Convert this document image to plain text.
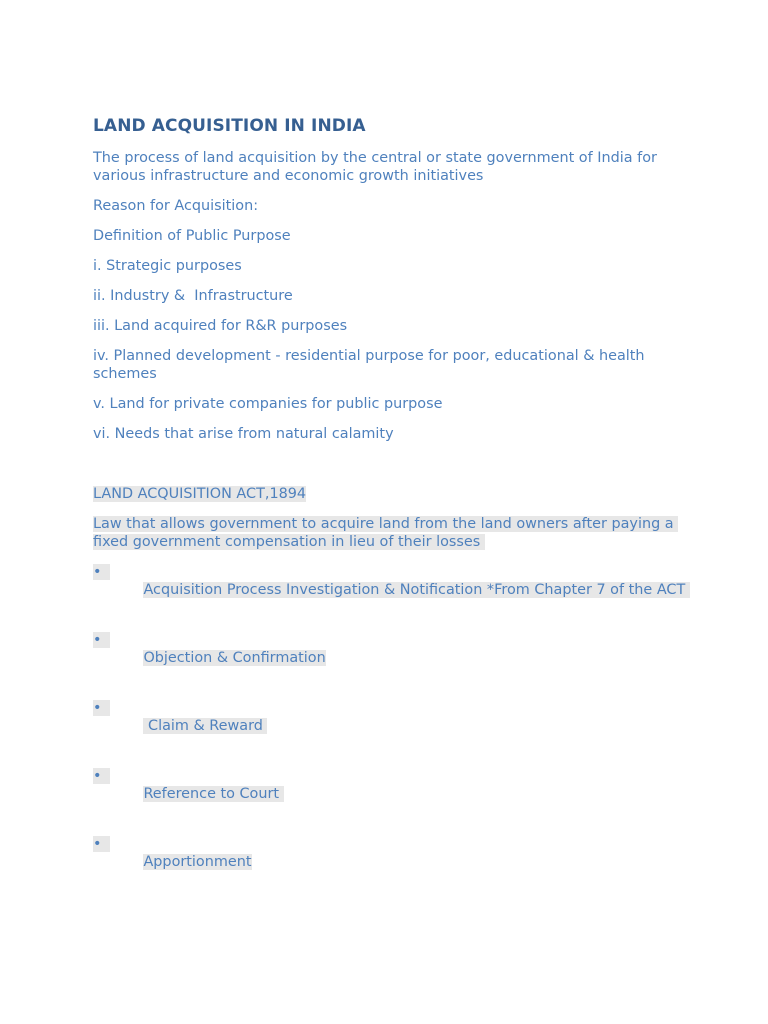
LAND ACQUISITION IN INDIA
The process of land acquisition by the central or state government of India for various infrastructure and economic growth initiatives
Reason for Acquisition:
Definition of Public Purpose
i. Strategic purposes
ii. Industry &  Infrastructure
iii. Land acquired for R&R purposes
iv. Planned development - residential purpose for poor, educational & health schemes
v. Land for private companies for public purpose
vi. Needs that arise from natural calamity
LAND ACQUISITION ACT,1894
Law that allows government to acquire land from the land owners after paying a fixed government compensation in lieu of their losses

•
Acquisition Process Investigation & Notification *From Chapter 7 of the ACT

•
Objection & Confirmation

•
Claim & Reward

•
Reference to Court

•
Apportionment
